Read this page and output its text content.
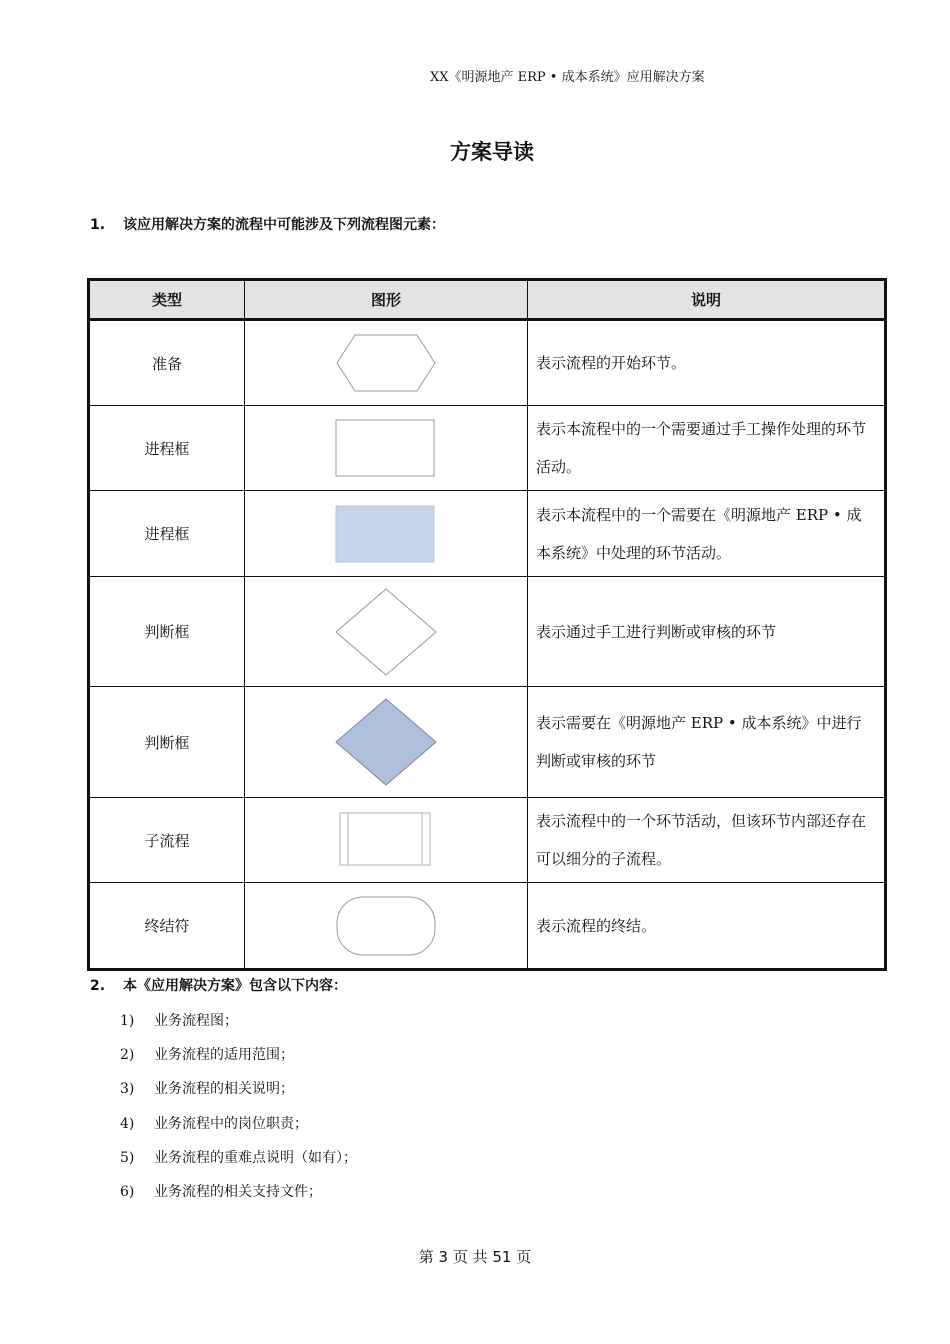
XX《明源地产 ERP • 成本系统》应用解决方案
方案导读
1. 该应用解决方案的流程中可能涉及下列流程图元素：
类型	图形	说明
准备		表示流程的开始环节。
进程框		表示本流程中的一个需要通过手工操作处理的环节活动。
进程框		表示本流程中的一个需要在《明源地产 ERP • 成本系统》中处理的环节活动。
判断框		表示通过手工进行判断或审核的环节
判断框		表示需要在《明源地产 ERP • 成本系统》中进行判断或审核的环节
子流程		表示流程中的一个环节活动，但该环节内部还存在可以细分的子流程。
终结符		表示流程的终结。
2. 本《应用解决方案》包含以下内容：
1) 业务流程图；
2) 业务流程的适用范围；
3) 业务流程的相关说明；
4) 业务流程中的岗位职责；
5) 业务流程的重难点说明（如有）；
6) 业务流程的相关支持文件；
第 3 页 共 51 页
